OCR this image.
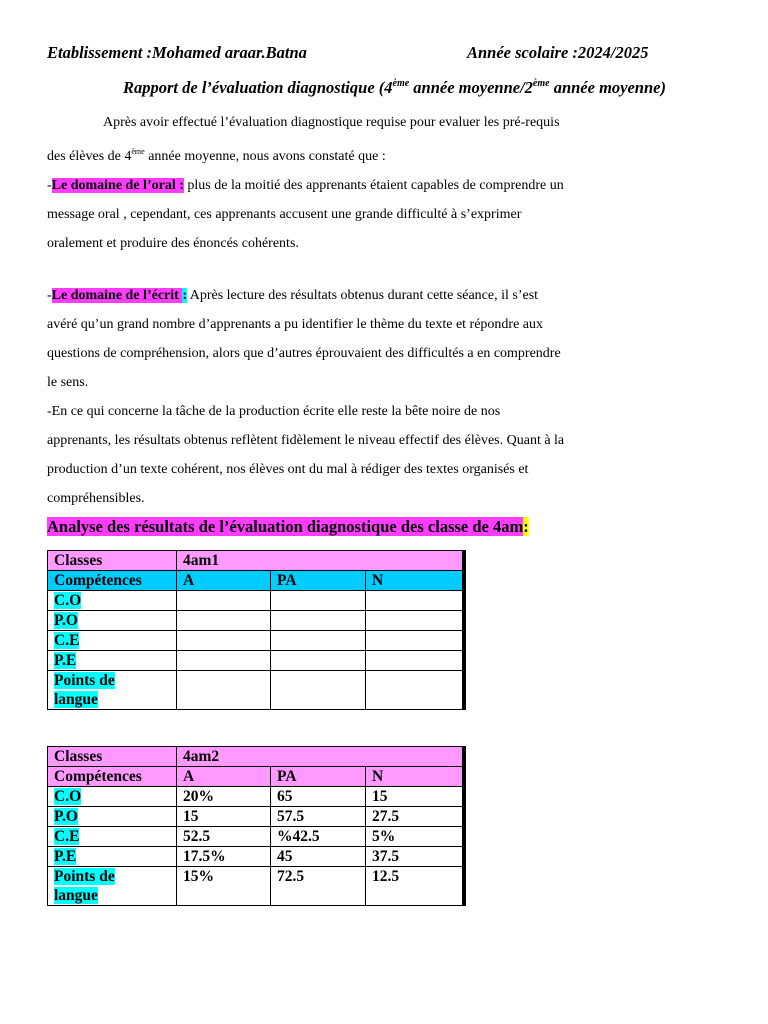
Etablissement :Mohamed araar.Batna	Année scolaire :2024/2025
Rapport de l’évaluation diagnostique (4ème année moyenne/2ème année moyenne)
Après avoir effectué l’évaluation diagnostique requise pour evaluer les pré-requis
des élèves de 4ème année moyenne, nous avons constaté que :
-Le domaine de l’oral : plus de la moitié des apprenants étaient capables de comprendre un
message oral , cependant, ces apprenants accusent une grande difficulté à s’exprimer
oralement et produire des énoncés cohérents.
-Le domaine de l’écrit : Après lecture des résultats obtenus durant cette séance, il s’est
avéré qu’un grand nombre d’apprenants a pu identifier le thème du texte et répondre aux
questions de compréhension, alors que d’autres éprouvaient des difficultés a en comprendre
le sens.
-En ce qui concerne la tâche de la production écrite elle reste la bête noire de nos
apprenants, les résultats obtenus reflètent fidèlement le niveau effectif des élèves. Quant à la
production d’un texte cohérent, nos élèves ont du mal à rédiger des textes organisés et
compréhensibles.
Analyse des résultats de l’évaluation diagnostique des classe de 4am:
Classes	4am1		
Compétences	A	PA	N
C.O			
P.O			
C.E			
P.E			
Points de
langue			
Classes	4am2		
Compétences	A	PA	N
C.O	20%	65	15
P.O	15	57.5	27.5
C.E	52.5	%42.5	5%
P.E	17.5%	45	37.5
Points de
langue	15%	72.5	12.5
